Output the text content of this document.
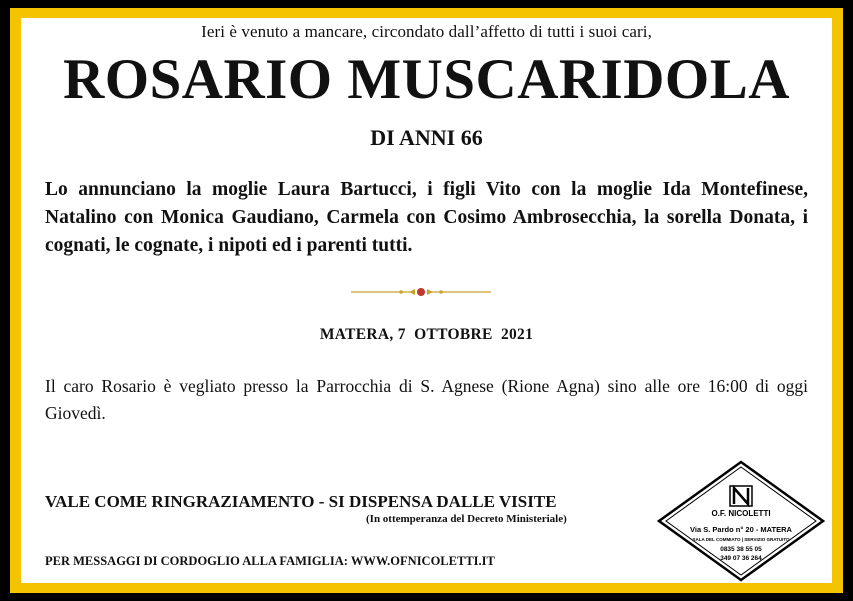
Ieri è venuto a mancare, circondato dall’affetto di tutti i suoi cari,
ROSARIO MUSCARIDOLA
DI ANNI 66
Lo annunciano la moglie Laura Bartucci, i figli Vito con la moglie Ida Montefinese, Natalino con Monica Gaudiano, Carmela con Cosimo Ambrosecchia, la sorella Donata, i cognati, le cognate, i nipoti ed i parenti tutti.
MATERA, 7  OTTOBRE  2021
Il caro Rosario è vegliato presso la Parrocchia di S. Agnese (Rione Agna) sino alle ore 16:00 di oggi Giovedì.
VALE COME RINGRAZIAMENTO - SI DISPENSA DALLE VISITE
(In ottemperanza del Decreto Ministeriale)
PER MESSAGGI DI CORDOGLIO ALLA FAMIGLIA: WWW.OFNICOLETTI.IT
O.F. NICOLETTI
Via S. Pardo n° 20 - MATERA
SALA DEL COMMIATO | SERVIZIO GRATUITO
0835 38 55 05
349 07 36 264
